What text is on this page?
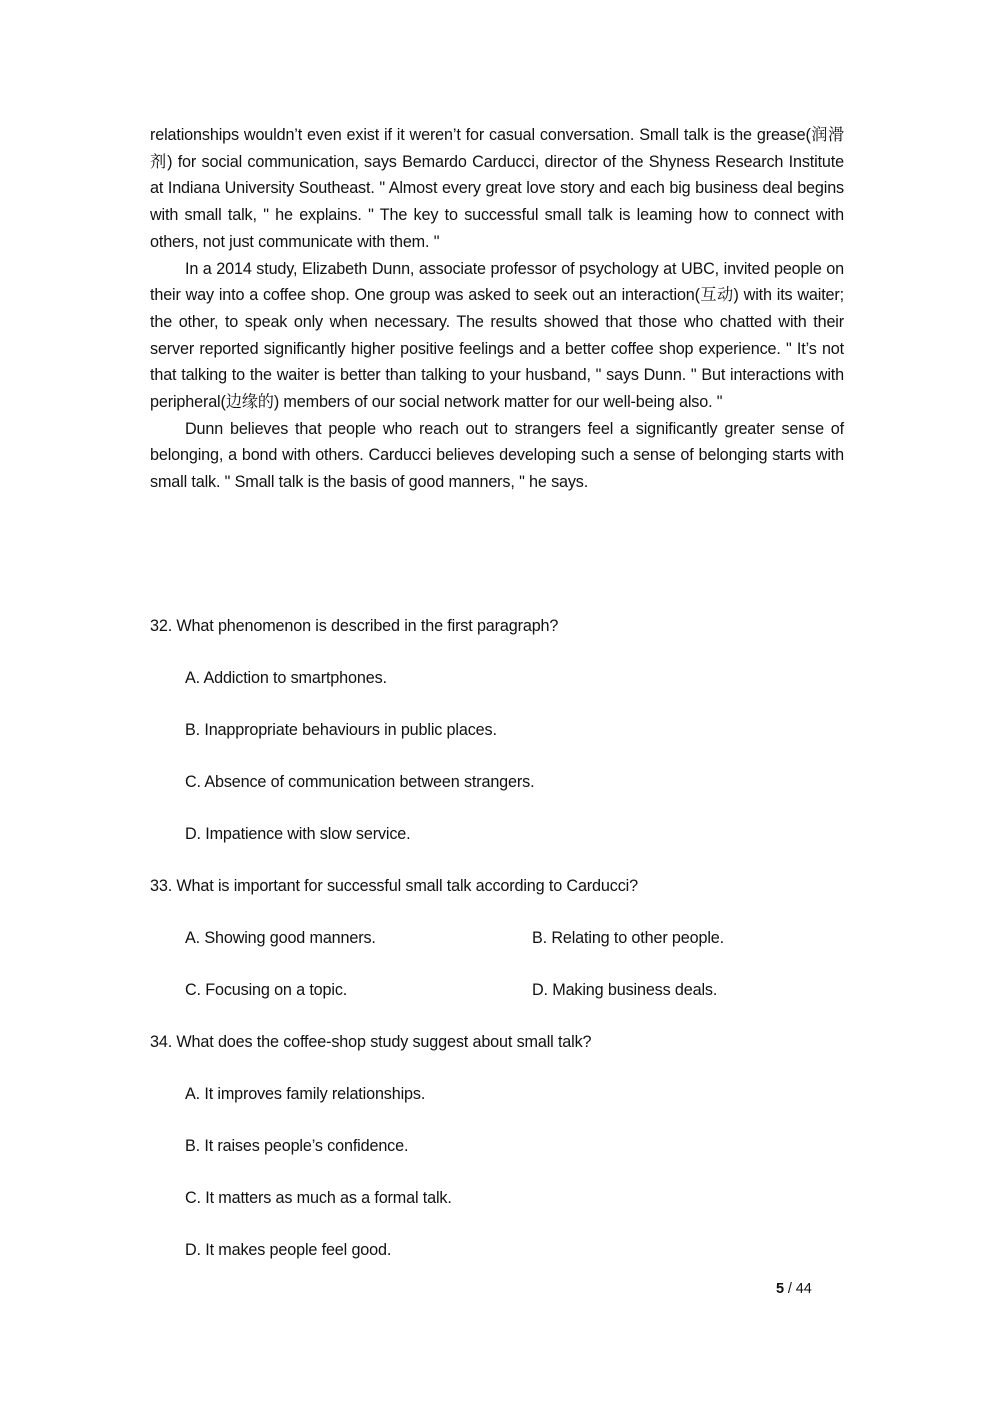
relationships wouldn’t even exist if it weren’t for casual conversation. Small talk is the grease(润滑剂) for social communication, says Bemardo Carducci, director of the Shyness Research Institute at Indiana University Southeast. " Almost every great love story and each big business deal begins with small talk, " he explains. " The key to successful small talk is leaming how to connect with others, not just communicate with them. "

In a 2014 study, Elizabeth Dunn, associate professor of psychology at UBC, invited people on their way into a coffee shop. One group was asked to seek out an interaction(互动) with its waiter; the other, to speak only when necessary. The results showed that those who chatted with their server reported significantly higher positive feelings and a better coffee shop experience. " It’s not that talking to the waiter is better than talking to your husband, " says Dunn. " But interactions with peripheral(边缘的) members of our social network matter for our well-being also. "

Dunn believes that people who reach out to strangers feel a significantly greater sense of belonging, a bond with others. Carducci believes developing such a sense of belonging starts with small talk. " Small talk is the basis of good manners, " he says.

32. What phenomenon is described in the first paragraph?
A. Addiction to smartphones.
B. Inappropriate behaviours in public places.
C. Absence of communication between strangers.
D. Impatience with slow service.
33. What is important for successful small talk according to Carducci?
A. Showing good manners.	B. Relating to other people.
C. Focusing on a topic.	D. Making business deals.
34. What does the coffee-shop study suggest about small talk?
A. It improves family relationships.
B. It raises people’s confidence.
C. It matters as much as a formal talk.
D. It makes people feel good.
5 / 44
